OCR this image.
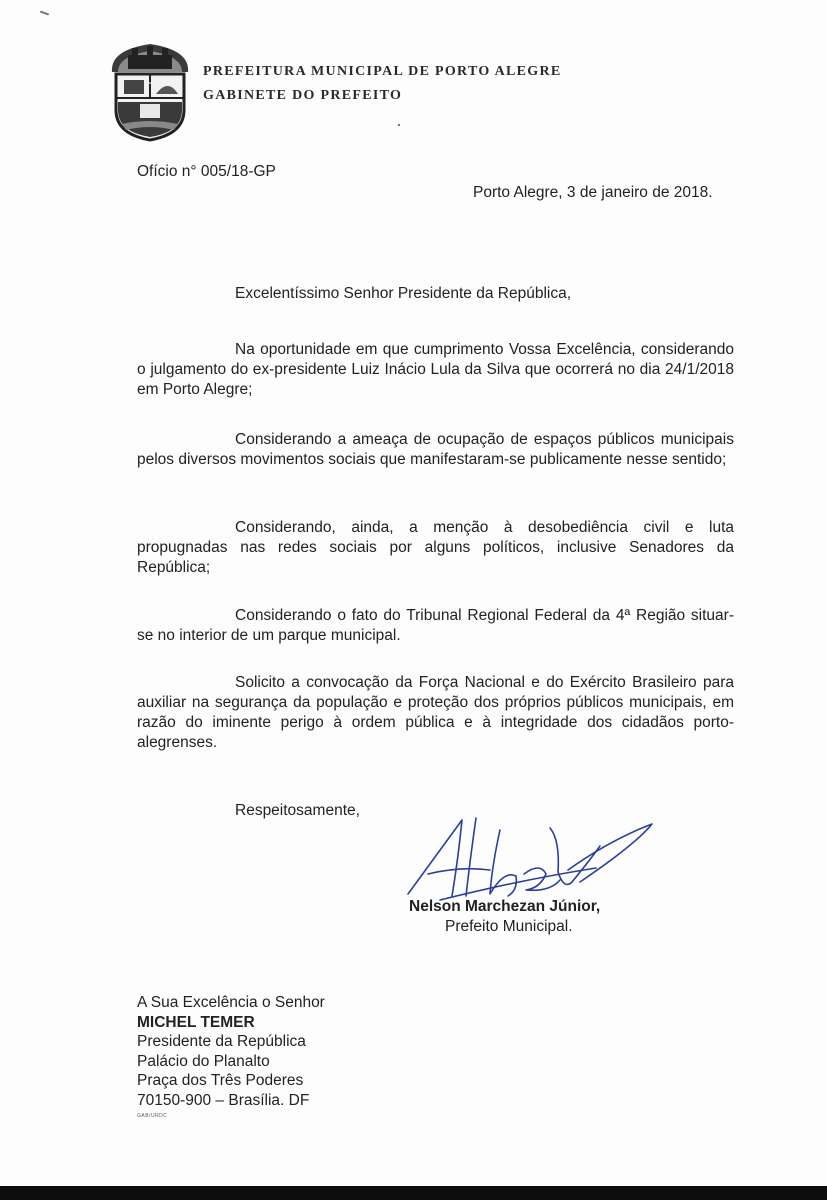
PREFEITURA MUNICIPAL DE PORTO ALEGRE
GABINETE DO PREFEITO
Ofício n° 005/18-GP
Porto Alegre, 3 de janeiro de 2018.
Excelentíssimo Senhor Presidente da República,

Na oportunidade em que cumprimento Vossa Excelência, considerando o julgamento do ex-presidente Luiz Inácio Lula da Silva que ocorrerá no dia 24/1/2018 em Porto Alegre;

Considerando a ameaça de ocupação de espaços públicos municipais pelos diversos movimentos sociais que manifestaram-se publicamente nesse sentido;

Considerando, ainda, a menção à desobediência civil e luta propugnadas nas redes sociais por alguns políticos, inclusive Senadores da República;

Considerando o fato do Tribunal Regional Federal da 4ª Região situar-se no interior de um parque municipal.

Solicito a convocação da Força Nacional e do Exército Brasileiro para auxiliar na segurança da população e proteção dos próprios públicos municipais, em razão do iminente perigo à ordem pública e à integridade dos cidadãos porto-alegrenses.

Respeitosamente,
Nelson Marchezan Júnior,
Prefeito Municipal.
A Sua Excelência o Senhor
MICHEL TEMER
Presidente da República
Palácio do Planalto
Praça dos Três Poderes
70150-900 – Brasília. DF
GAB/URDC
